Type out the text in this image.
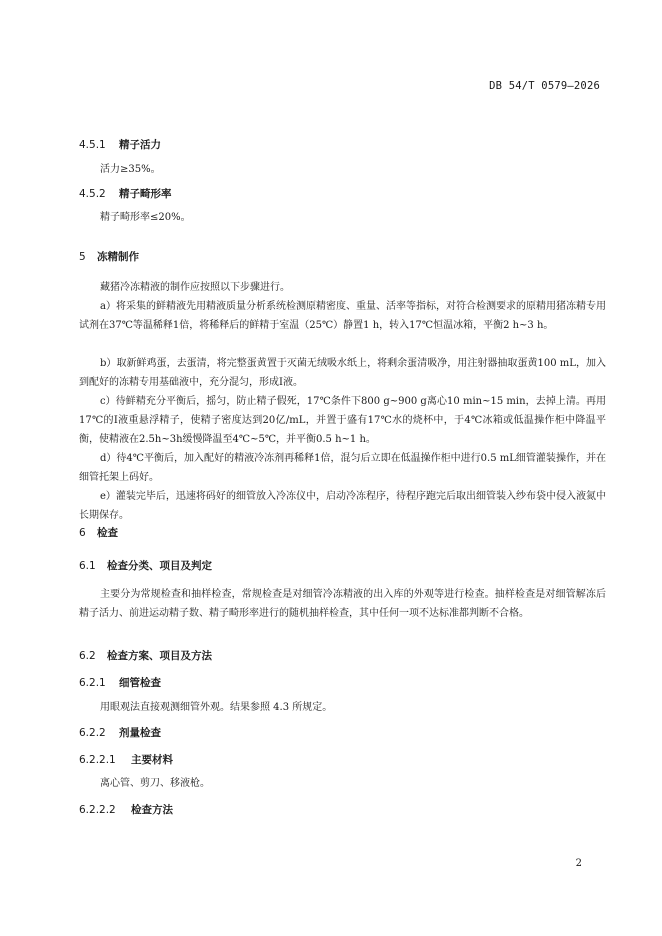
DB 54/T 0579—2026
4.5.1 精子活力
活力≥35%。
4.5.2 精子畸形率
精子畸形率≤20%。
5 冻精制作
藏猪冷冻精液的制作应按照以下步骤进行。
a）将采集的鲜精液先用精液质量分析系统检测原精密度、重量、活率等指标，对符合检测要求的原精用猪冻精专用试剂在37℃等温稀释1倍，将稀释后的鲜精于室温（25℃）静置1 h，转入17℃恒温冰箱，平衡2 h~3 h。
b）取新鲜鸡蛋，去蛋清，将完整蛋黄置于灭菌无绒吸水纸上，将剩余蛋清吸净，用注射器抽取蛋黄100 mL，加入到配好的冻精专用基础液中，充分混匀，形成Ⅰ液。
c）待鲜精充分平衡后，摇匀，防止精子假死，17℃条件下800 g~900 g离心10 min~15 min，去掉上清。再用17℃的Ⅰ液重悬浮精子，使精子密度达到20亿/mL，并置于盛有17℃水的烧杯中，于4℃冰箱或低温操作柜中降温平衡，使精液在2.5h~3h缓慢降温至4℃~5℃，并平衡0.5 h~1 h。
d）待4℃平衡后，加入配好的精液冷冻剂再稀释1倍，混匀后立即在低温操作柜中进行0.5 mL细管灌装操作，并在细管托架上码好。
e）灌装完毕后，迅速将码好的细管放入冷冻仪中，启动冷冻程序，待程序跑完后取出细管装入纱布袋中侵入液氮中长期保存。
6 检查
6.1 检查分类、项目及判定
主要分为常规检查和抽样检查，常规检查是对细管冷冻精液的出入库的外观等进行检查。抽样检查是对细管解冻后精子活力、前进运动精子数、精子畸形率进行的随机抽样检查，其中任何一项不达标准都判断不合格。
6.2 检查方案、项目及方法
6.2.1 细管检查
用眼观法直接观测细管外观。结果参照 4.3 所规定。
6.2.2 剂量检查
6.2.2.1 主要材料
离心管、剪刀、移液枪。
6.2.2.2 检查方法
2
